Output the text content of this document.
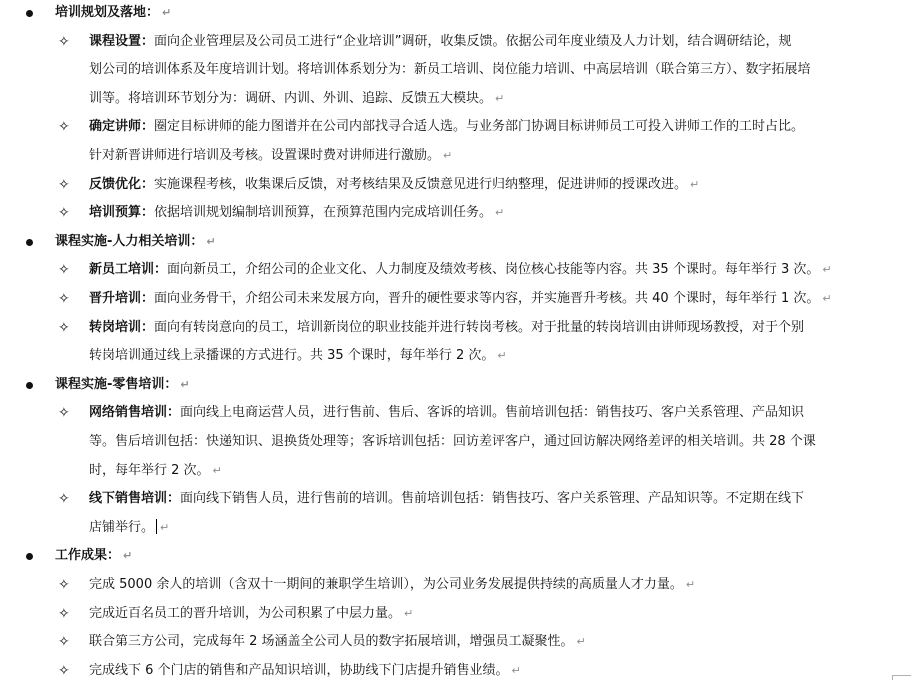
培训规划及落地： ↵
✧ 课程设置：面向企业管理层及公司员工进行“企业培训”调研，收集反馈。依据公司年度业绩及人力计划，结合调研结论，规
划公司的培训体系及年度培训计划。将培训体系划分为：新员工培训、岗位能力培训、中高层培训（联合第三方）、数字拓展培
训等。将培训环节划分为：调研、内训、外训、追踪、反馈五大模块。 ↵
✧ 确定讲师：圈定目标讲师的能力图谱并在公司内部找寻合适人选。与业务部门协调目标讲师员工可投入讲师工作的工时占比。
针对新晋讲师进行培训及考核。设置课时费对讲师进行激励。 ↵
✧ 反馈优化：实施课程考核，收集课后反馈，对考核结果及反馈意见进行归纳整理，促进讲师的授课改进。 ↵
✧ 培训预算：依据培训规划编制培训预算，在预算范围内完成培训任务。 ↵
课程实施-人力相关培训： ↵
✧ 新员工培训：面向新员工，介绍公司的企业文化、人力制度及绩效考核、岗位核心技能等内容。共 35 个课时。每年举行 3 次。 ↵
✧ 晋升培训：面向业务骨干，介绍公司未来发展方向，晋升的硬性要求等内容，并实施晋升考核。共 40 个课时，每年举行 1 次。 ↵
✧ 转岗培训：面向有转岗意向的员工，培训新岗位的职业技能并进行转岗考核。对于批量的转岗培训由讲师现场教授，对于个别
转岗培训通过线上录播课的方式进行。共 35 个课时，每年举行 2 次。 ↵
课程实施-零售培训： ↵
✧ 网络销售培训：面向线上电商运营人员，进行售前、售后、客诉的培训。售前培训包括：销售技巧、客户关系管理、产品知识
等。售后培训包括：快递知识、退换货处理等；客诉培训包括：回访差评客户，通过回访解决网络差评的相关培训。共 28 个课
时，每年举行 2 次。 ↵
✧ 线下销售培训：面向线下销售人员，进行售前的培训。售前培训包括：销售技巧、客户关系管理、产品知识等。不定期在线下
店铺举行。 ↵
工作成果： ↵
✧ 完成 5000 余人的培训（含双十一期间的兼职学生培训），为公司业务发展提供持续的高质量人才力量。 ↵
✧ 完成近百名员工的晋升培训，为公司积累了中层力量。 ↵
✧ 联合第三方公司，完成每年 2 场涵盖全公司人员的数字拓展培训，增强员工凝聚性。 ↵
✧ 完成线下 6 个门店的销售和产品知识培训，协助线下门店提升销售业绩。 ↵
